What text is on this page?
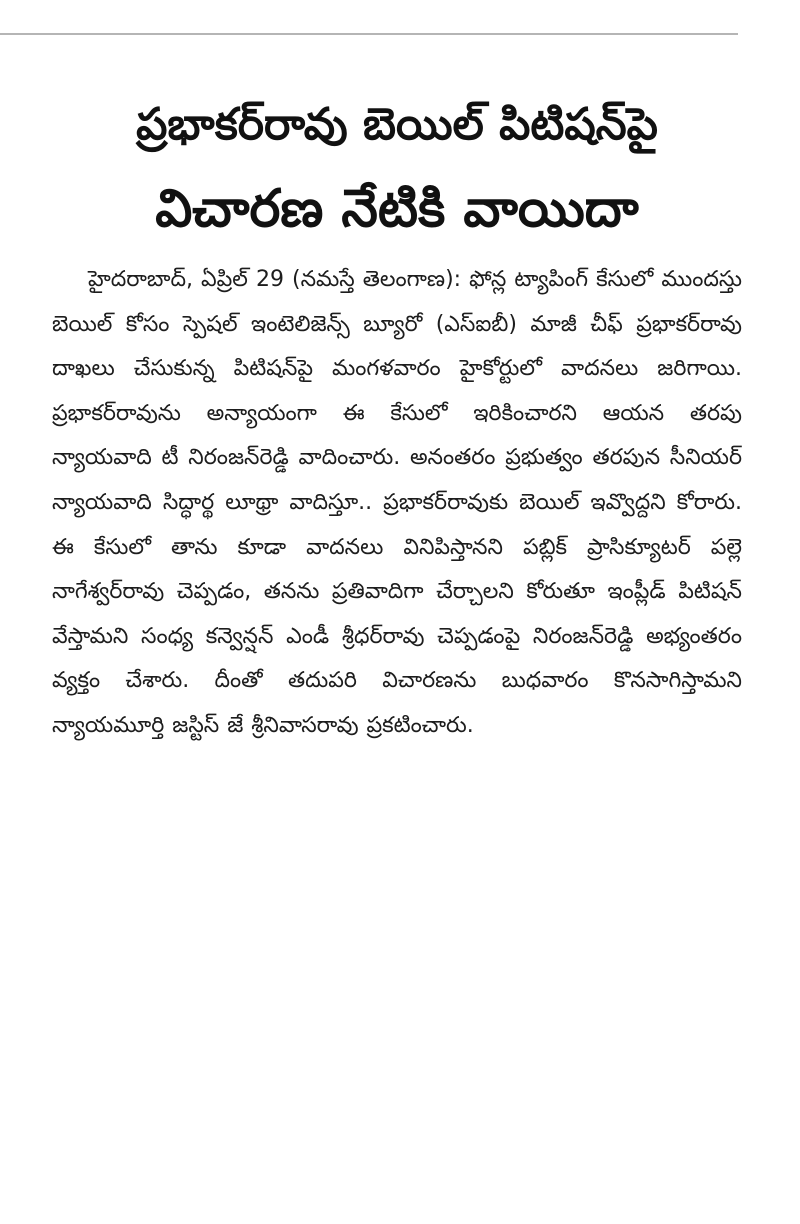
ప్రభాకర్‌రావు బెయిల్‌ పిటిషన్‌పై
విచారణ నేటికి వాయిదా
హైదరాబాద్‌, ఏప్రిల్‌ 29 (నమస్తే తెలంగాణ): ఫోన్ల ట్యాపింగ్‌ కేసులో ముందస్తు బెయిల్‌ కోసం స్పెషల్‌ ఇంటెలిజెన్స్‌ బ్యూరో (ఎస్‌ఐబీ) మాజీ చీఫ్‌ ప్రభాకర్‌రావు దాఖలు చేసుకున్న పిటిషన్‌పై మంగళవారం హైకోర్టులో వాదనలు జరిగాయి. ప్రభాకర్‌రావును అన్యాయంగా ఈ కేసులో ఇరికించారని ఆయన తరపు న్యాయవాది టీ నిరంజన్‌రెడ్డి వాదించారు. అనంతరం ప్రభుత్వం తరపున సీనియర్‌ న్యాయవాది సిద్ధార్థ లూథ్రా వాదిస్తూ.. ప్రభాకర్‌రావుకు బెయిల్‌ ఇవ్వొద్దని కోరారు. ఈ కేసులో తాను కూడా వాదనలు వినిపిస్తానని పబ్లిక్‌ ప్రాసిక్యూటర్‌ పల్లె నాగేశ్వర్‌రావు చెప్పడం, తనను ప్రతివాదిగా చేర్చాలని కోరుతూ ఇంప్లీడ్‌ పిటిషన్‌ వేస్తామని సంధ్య కన్వెన్షన్‌ ఎండీ శ్రీధర్‌రావు చెప్పడంపై నిరంజన్‌రెడ్డి అభ్యంతరం వ్యక్తం చేశారు. దీంతో తదుపరి విచారణను బుధవారం కొనసాగిస్తామని న్యాయమూర్తి జస్టిస్‌ జే శ్రీనివాసరావు ప్రకటించారు.
